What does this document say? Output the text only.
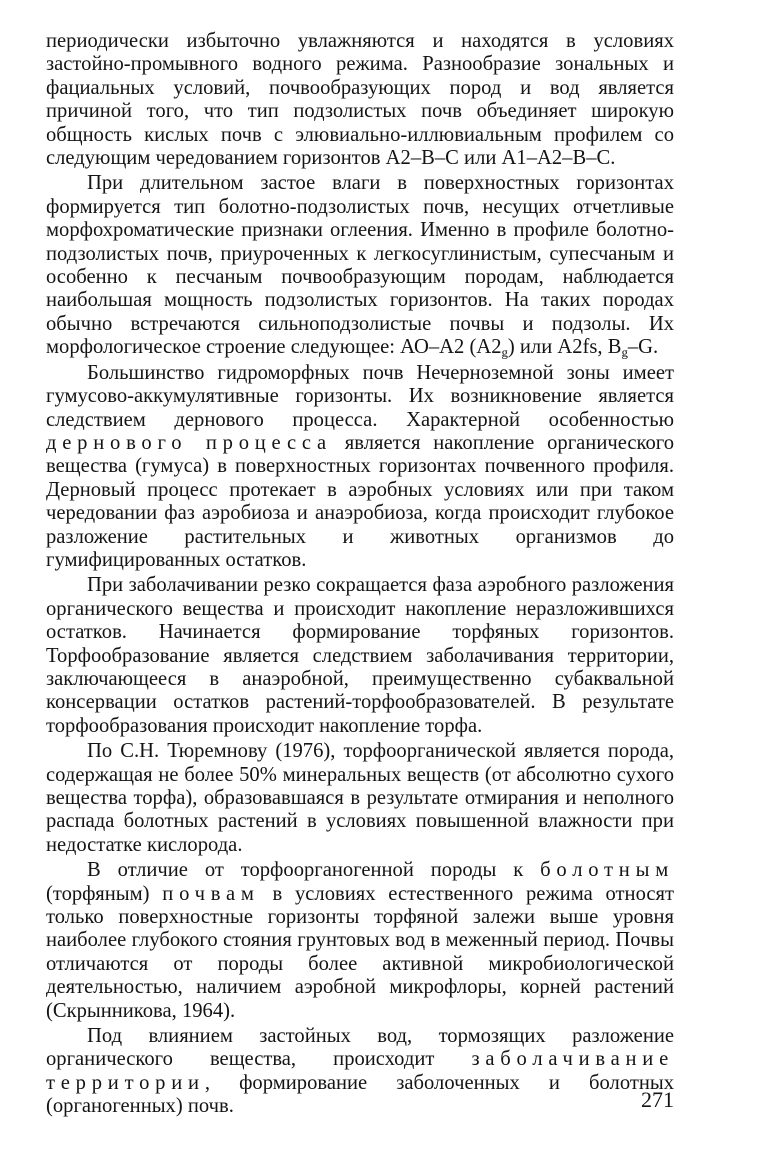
периодически избыточно увлажняются и находятся в условиях застойно-промывного водного режима. Разнообразие зональных и фациальных условий, почвообразующих пород и вод является причиной того, что тип подзолистых почв объединяет широкую общность кислых почв с элювиально-иллювиальным профилем со следующим чередованием горизонтов А2–В–С или А1–А2–В–С.

При длительном застое влаги в поверхностных горизонтах формируется тип болотно-подзолистых почв, несущих отчетливые морфохроматические признаки оглеения. Именно в профиле болотно-подзолистых почв, приуроченных к легкосуглинистым, супесчаным и особенно к песчаным почвообразующим породам, наблюдается наибольшая мощность подзолистых горизонтов. На таких породах обычно встречаются сильноподзолистые почвы и подзолы. Их морфологическое строение следующее: АО–А2 $(А2_g)$ или A2fs, $B_g-G$.

Большинство гидроморфных почв Нечерноземной зоны имеет гумусово-аккумулятивные горизонты. Их возникновение является следствием дернового процесса. Характерной особенностью дернового процесса является накопление органического вещества (гумуса) в поверхностных горизонтах почвенного профиля. Дерновый процесс протекает в аэробных условиях или при таком чередовании фаз аэробиоза и анаэробиоза, когда происходит глубокое разложение растительных и животных организмов до гумифицированных остатков.

При заболачивании резко сокращается фаза аэробного разложения органического вещества и происходит накопление неразложившихся остатков. Начинается формирование торфяных горизонтов. Торфообразование является следствием заболачивания территории, заключающееся в анаэробной, преимущественно субаквальной консервации остатков растений-торфообразователей. В результате торфообразования происходит накопление торфа.

По С.Н. Тюремнову (1976), торфоорганической является порода, содержащая не более 50% минеральных веществ (от абсолютно сухого вещества торфа), образовавшаяся в результате отмирания и неполного распада болотных растений в условиях повышенной влажности при недостатке кислорода.

В отличие от торфоорганогенной породы к болотным (торфяным) почвам в условиях естественного режима относят только поверхностные горизонты торфяной залежи выше уровня наиболее глубокого стояния грунтовых вод в меженный период. Почвы отличаются от породы более активной микробиологической деятельностью, наличием аэробной микрофлоры, корней растений (Скрынникова, 1964).

Под влиянием застойных вод, тормозящих разложение органического вещества, происходит заболачивание территории, формирование заболоченных и болотных (органогенных) почв.	271
